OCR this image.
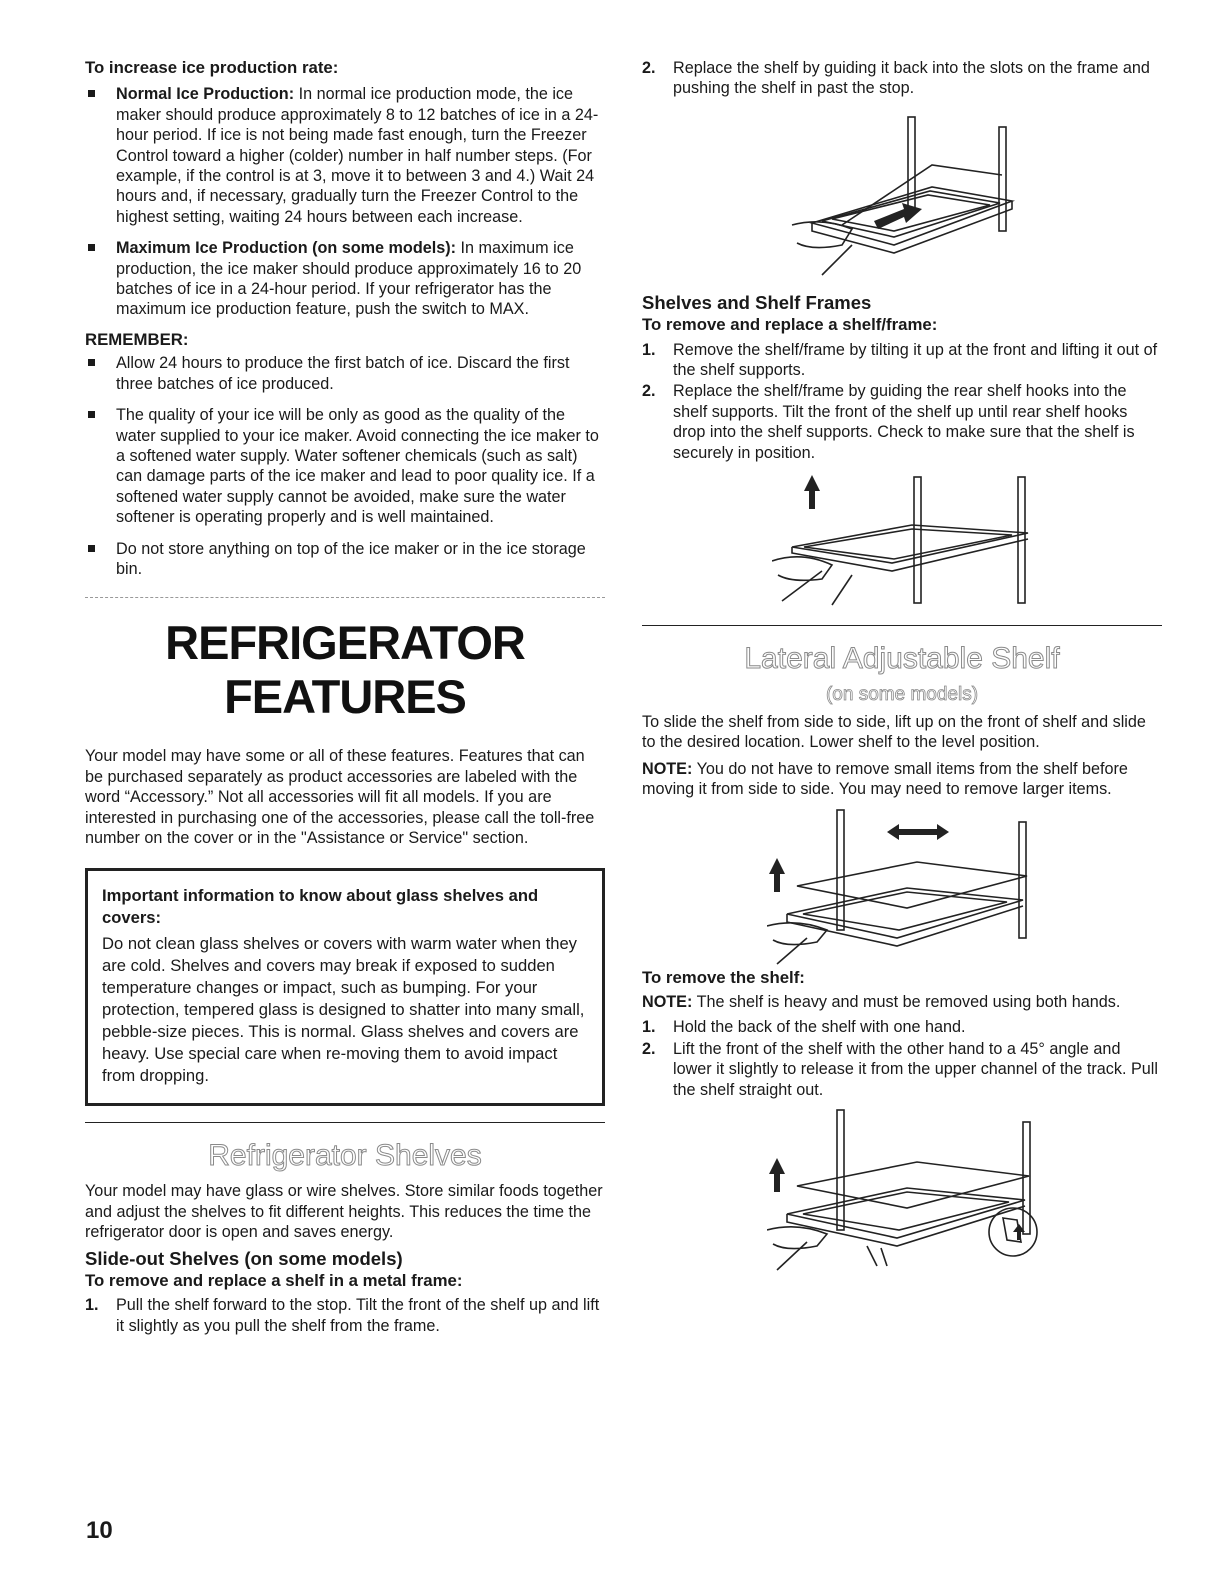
To increase ice production rate:

Normal Ice Production: In normal ice production mode, the ice maker should produce approximately 8 to 12 batches of ice in a 24-hour period. If ice is not being made fast enough, turn the Freezer Control toward a higher (colder) number in half number steps. (For example, if the control is at 3, move it to between 3 and 4.) Wait 24 hours and, if necessary, gradually turn the Freezer Control to the highest setting, waiting 24 hours between each increase.
Maximum Ice Production (on some models): In maximum ice production, the ice maker should produce approximately 16 to 20 batches of ice in a 24-hour period. If your refrigerator has the maximum ice production feature, push the switch to MAX.

REMEMBER:

Allow 24 hours to produce the first batch of ice. Discard the first three batches of ice produced.
The quality of your ice will be only as good as the quality of the water supplied to your ice maker. Avoid connecting the ice maker to a softened water supply. Water softener chemicals (such as salt) can damage parts of the ice maker and lead to poor quality ice. If a softened water supply cannot be avoided, make sure the water softener is operating properly and is well maintained.
Do not store anything on top of the ice maker or in the ice storage bin.

REFRIGERATOR

FEATURES

Your model may have some or all of these features. Features that can be purchased separately as product accessories are labeled with the word “Accessory.” Not all accessories will fit all models. If you are interested in purchasing one of the accessories, please call the toll-free number on the cover or in the "Assistance or Service" section.

Important information to know about glass shelves and covers:

Do not clean glass shelves or covers with warm water when they are cold. Shelves and covers may break if exposed to sudden temperature changes or impact, such as bumping. For your protection, tempered glass is designed to shatter into many small, pebble-size pieces. This is normal. Glass shelves and covers are heavy. Use special care when re-moving them to avoid impact from dropping.

Refrigerator Shelves

Your model may have glass or wire shelves. Store similar foods together and adjust the shelves to fit different heights. This reduces the time the refrigerator door is open and saves energy.

Slide-out Shelves (on some models)

To remove and replace a shelf in a metal frame:

1. Pull the shelf forward to the stop. Tilt the front of the shelf up and lift it slightly as you pull the shelf from the frame.
2. Replace the shelf by guiding it back into the slots on the frame and pushing the shelf in past the stop.

Shelves and Shelf Frames

To remove and replace a shelf/frame:

1. Remove the shelf/frame by tilting it up at the front and lifting it out of the shelf supports.
2. Replace the shelf/frame by guiding the rear shelf hooks into the shelf supports. Tilt the front of the shelf up until rear shelf hooks drop into the shelf supports. Check to make sure that the shelf is securely in position.
Lateral Adjustable Shelf
(on some models)

To slide the shelf from side to side, lift up on the front of shelf and slide to the desired location. Lower shelf to the level position.

NOTE: You do not have to remove small items from the shelf before moving it from side to side. You may need to remove larger items.

To remove the shelf:

NOTE: The shelf is heavy and must be removed using both hands.

1. Hold the back of the shelf with one hand.
2. Lift the front of the shelf with the other hand to a 45° angle and lower it slightly to release it from the upper channel of the track. Pull the shelf straight out.
10
